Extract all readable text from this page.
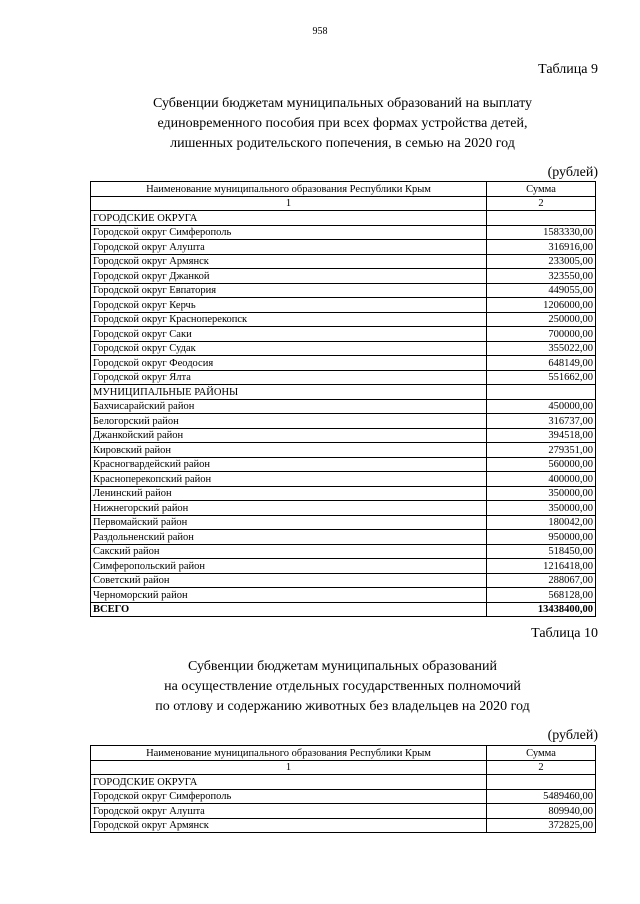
958
Таблица 9
Субвенции бюджетам муниципальных образований на выплату
единовременного пособия при всех формах устройства детей,
лишенных родительского попечения, в семью на 2020 год
(рублей)
Наименование муниципального образования Республики Крым	Сумма
1	2
ГОРОДСКИЕ ОКРУГА	
Городской округ Симферополь	1583330,00
Городской округ Алушта	316916,00
Городской округ Армянск	233005,00
Городской округ Джанкой	323550,00
Городской округ Евпатория	449055,00
Городской округ Керчь	1206000,00
Городской округ Красноперекопск	250000,00
Городской округ Саки	700000,00
Городской округ Судак	355022,00
Городской округ Феодосия	648149,00
Городской округ Ялта	551662,00
МУНИЦИПАЛЬНЫЕ РАЙОНЫ	
Бахчисарайский район	450000,00
Белогорский район	316737,00
Джанкойский район	394518,00
Кировский район	279351,00
Красногвардейский район	560000,00
Красноперекопский район	400000,00
Ленинский район	350000,00
Нижнегорский район	350000,00
Первомайский район	180042,00
Раздольненский район	950000,00
Сакский район	518450,00
Симферопольский район	1216418,00
Советский район	288067,00
Черноморский район	568128,00
ВСЕГО	13438400,00
Таблица 10
Субвенции бюджетам муниципальных образований
на осуществление отдельных государственных полномочий
по отлову и содержанию животных без владельцев на 2020 год
(рублей)
Наименование муниципального образования Республики Крым	Сумма
1	2
ГОРОДСКИЕ ОКРУГА	
Городской округ Симферополь	5489460,00
Городской округ Алушта	809940,00
Городской округ Армянск	372825,00
